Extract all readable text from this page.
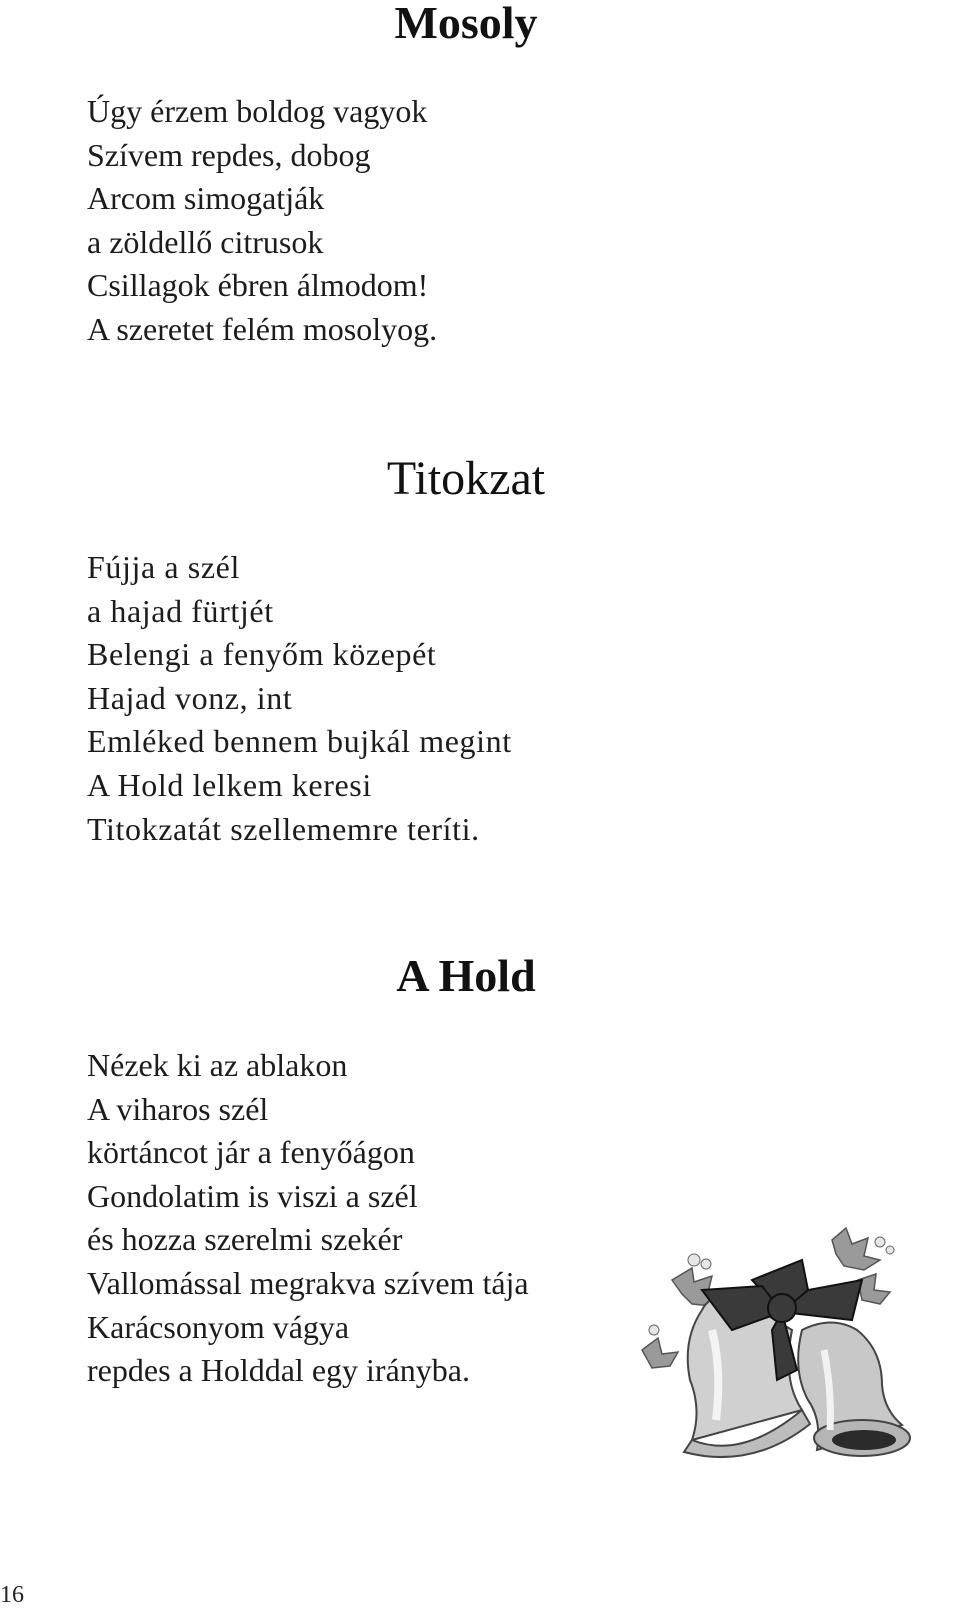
Mosoly
Úgy érzem boldog vagyok
Szívem repdes, dobog
Arcom simogatják
a zöldellő citrusok
Csillagok ébren álmodom!
A szeretet felém mosolyog.
Titokzat
Fújja a szél
a hajad fürtjét
Belengi a fenyőm közepét
Hajad vonz, int
Emléked bennem bujkál megint
A Hold lelkem keresi
Titokzatát szellememre teríti.
A Hold
Nézek ki az ablakon
A viharos szél
körtáncot jár a fenyőágon
Gondolatim is viszi a szél
és hozza szerelmi szekér
Vallomással megrakva szívem tája
Karácsonyom vágya
repdes a Holddal egy irányba.
16
